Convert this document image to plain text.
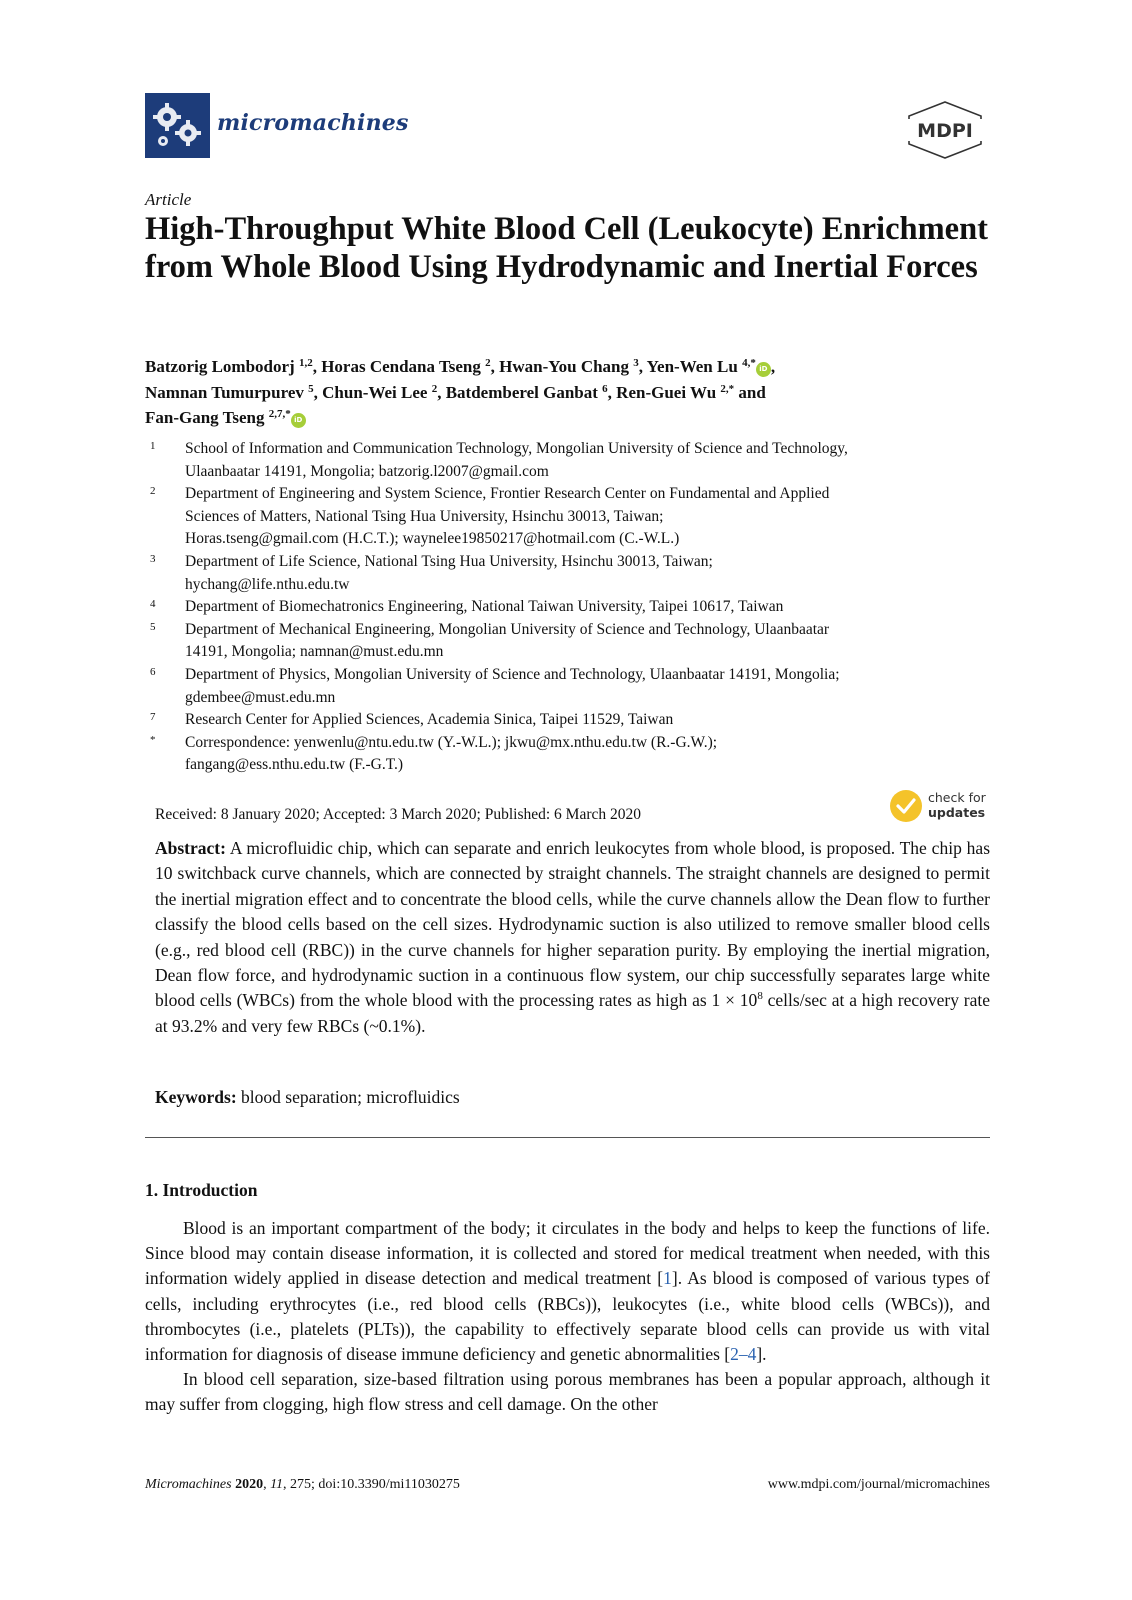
micromachines	MDPI
Article
High-Throughput White Blood Cell (Leukocyte) Enrichment from Whole Blood Using Hydrodynamic and Inertial Forces
Batzorig Lombodorj $^{1,2}$, Horas Cendana Tseng $^2$, Hwan-You Chang $^3$, Yen-Wen Lu $^{4,*}$ iD ,
Namnan Tumurpurev $^5$, Chun-Wei Lee $^2$, Batdemberel Ganbat $^6$, Ren-Guei Wu $^{2,*}$ and
Fan-Gang Tseng $^{2,7,*}$ iD
1	School of Information and Communication Technology, Mongolian University of Science and Technology,
Ulaanbaatar 14191, Mongolia; batzorig.l2007@gmail.com
2	Department of Engineering and System Science, Frontier Research Center on Fundamental and Applied
Sciences of Matters, National Tsing Hua University, Hsinchu 30013, Taiwan;
Horas.tseng@gmail.com (H.C.T.); waynelee19850217@hotmail.com (C.-W.L.)
3	Department of Life Science, National Tsing Hua University, Hsinchu 30013, Taiwan;
hychang@life.nthu.edu.tw
4	Department of Biomechatronics Engineering, National Taiwan University, Taipei 10617, Taiwan
5	Department of Mechanical Engineering, Mongolian University of Science and Technology, Ulaanbaatar
14191, Mongolia; namnan@must.edu.mn
6	Department of Physics, Mongolian University of Science and Technology, Ulaanbaatar 14191, Mongolia;
gdembee@must.edu.mn
7	Research Center for Applied Sciences, Academia Sinica, Taipei 11529, Taiwan
*	Correspondence: yenwenlu@ntu.edu.tw (Y.-W.L.); jkwu@mx.nthu.edu.tw (R.-G.W.);
fangang@ess.nthu.edu.tw (F.-G.T.)
Received: 8 January 2020; Accepted: 3 March 2020; Published: 6 March 2020
check for
updates

Abstract: A microfluidic chip, which can separate and enrich leukocytes from whole blood, is proposed. The chip has 10 switchback curve channels, which are connected by straight channels. The straight channels are designed to permit the inertial migration effect and to concentrate the blood cells, while the curve channels allow the Dean flow to further classify the blood cells based on the cell sizes. Hydrodynamic suction is also utilized to remove smaller blood cells (e.g., red blood cell (RBC)) in the curve channels for higher separation purity. By employing the inertial migration, Dean flow force, and hydrodynamic suction in a continuous flow system, our chip successfully separates large white blood cells (WBCs) from the whole blood with the processing rates as high as $1 \times 10^8$ cells/sec at a high recovery rate at 93.2% and very few RBCs (~0.1%).

Keywords: blood separation; microfluidics
1. Introduction

Blood is an important compartment of the body; it circulates in the body and helps to keep the functions of life. Since blood may contain disease information, it is collected and stored for medical treatment when needed, with this information widely applied in disease detection and medical treatment [1]. As blood is composed of various types of cells, including erythrocytes (i.e., red blood cells (RBCs)), leukocytes (i.e., white blood cells (WBCs)), and thrombocytes (i.e., platelets (PLTs)), the capability to effectively separate blood cells can provide us with vital information for diagnosis of disease immune deficiency and genetic abnormalities [2–4].

In blood cell separation, size-based filtration using porous membranes has been a popular approach, although it may suffer from clogging, high flow stress and cell damage. On the other

Micromachines 2020, 11, 275; doi:10.3390/mi11030275	www.mdpi.com/journal/micromachines
